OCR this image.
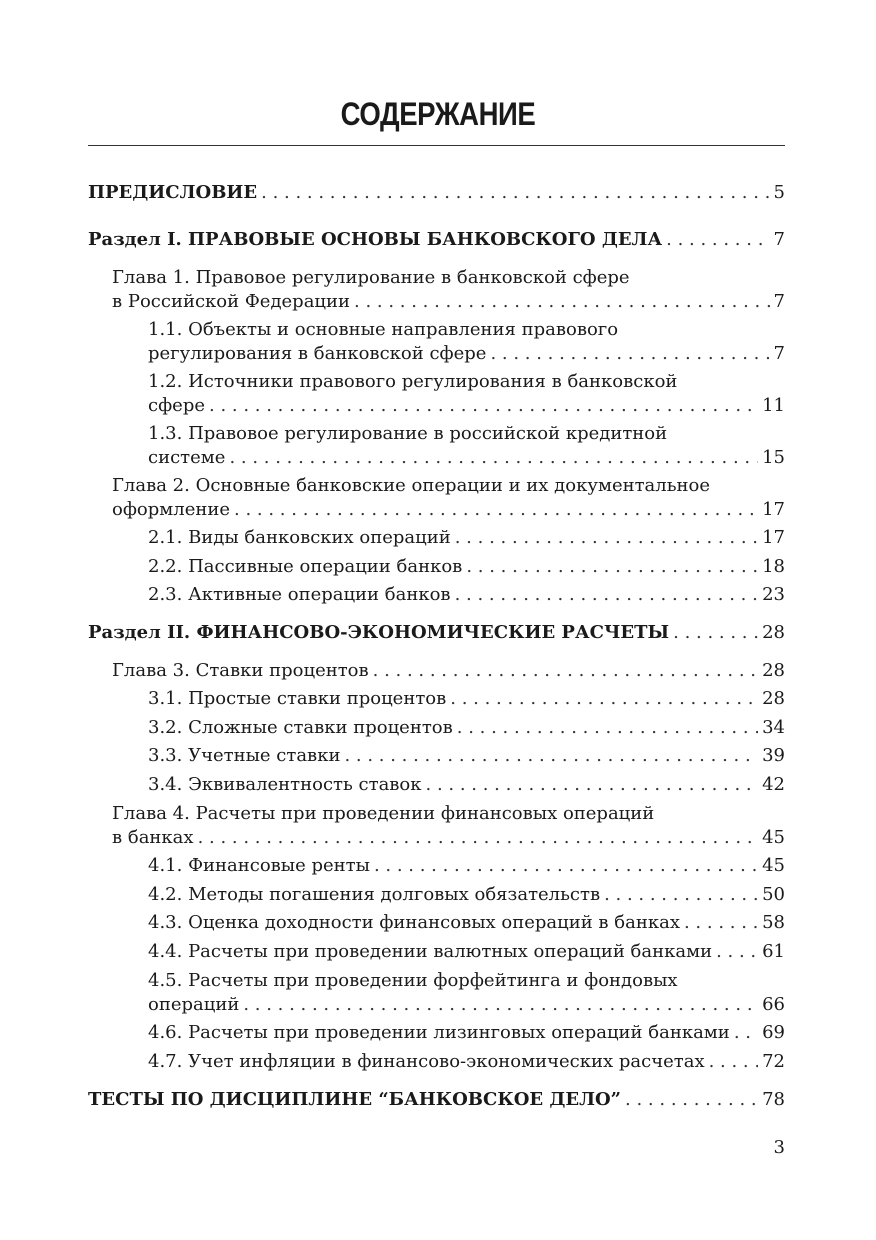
СОДЕРЖАНИЕ
ПРЕДИСЛОВИЕ . . .	5
Раздел I. ПРАВОВЫЕ ОСНОВЫ БАНКОВСКОГО ДЕЛА . . .	7
Глава 1. Правовое регулирование в банковской сфере
в Российской Федерации . . .	7
1.1. Объекты и основные направления правового
регулирования в банковской сфере . . .	7
1.2. Источники правового регулирования в банковской
сфере . . .	11
1.3. Правовое регулирование в российской кредитной
системе . . .	15
Глава 2. Основные банковские операции и их документальное
оформление . . .	17
2.1. Виды банковских операций . . .	17
2.2. Пассивные операции банков . . .	18
2.3. Активные операции банков . . .	23
Раздел II. ФИНАНСОВО-ЭКОНОМИЧЕСКИЕ РАСЧЕТЫ . . .	28
Глава 3. Ставки процентов . . .	28
3.1. Простые ставки процентов . . .	28
3.2. Сложные ставки процентов . . .	34
3.3. Учетные ставки . . .	39
3.4. Эквивалентность ставок . . .	42
Глава 4. Расчеты при проведении финансовых операций
в банках . . .	45
4.1. Финансовые ренты . . .	45
4.2. Методы погашения долговых обязательств . . .	50
4.3. Оценка доходности финансовых операций в банках . . .	58
4.4. Расчеты при проведении валютных операций банками . . .	61
4.5. Расчеты при проведении форфейтинга и фондовых
операций . . .	66
4.6. Расчеты при проведении лизинговых операций банками . . . 69
4.7. Учет инфляции в финансово-экономических расчетах . . .	72
ТЕСТЫ ПО ДИСЦИПЛИНЕ “БАНКОВСКОЕ ДЕЛО” . . .	78
3
